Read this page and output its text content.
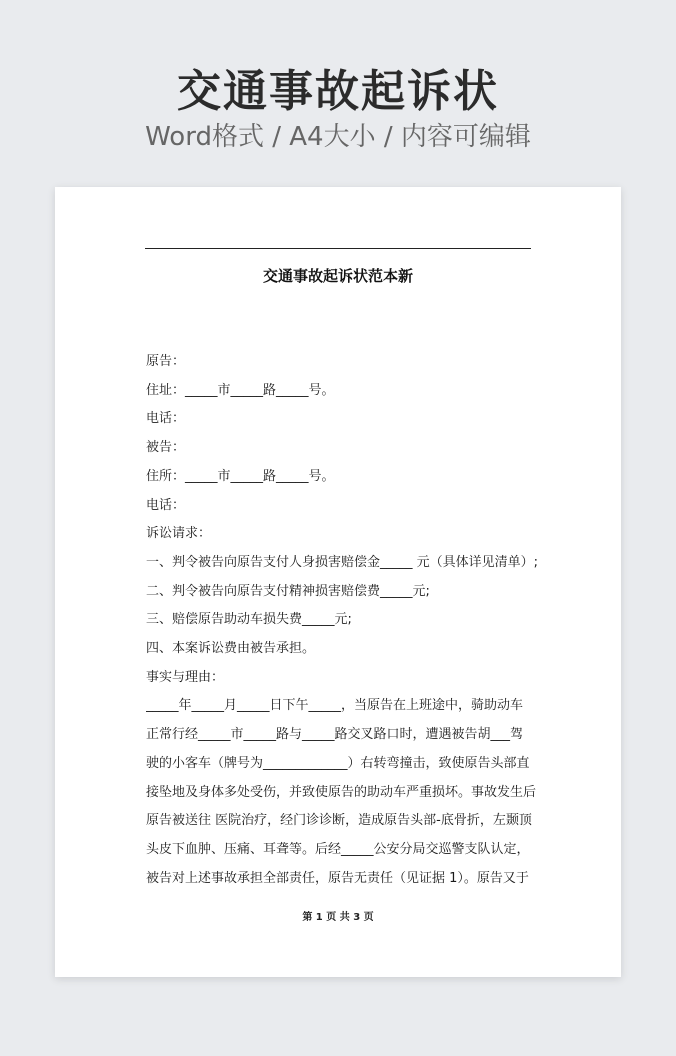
交通事故起诉状
Word格式 / A4大小 / 内容可编辑
交通事故起诉状范本新
原告：
住址：_____市_____路_____号。
电话：
被告：
住所：_____市_____路_____号。
电话：
诉讼请求：
一、判令被告向原告支付人身损害赔偿金_____ 元（具体详见清单）;
二、判令被告向原告支付精神损害赔偿费_____元;
三、赔偿原告助动车损失费_____元;
四、本案诉讼费由被告承担。
事实与理由：
_____年_____月_____日下午_____，当原告在上班途中，骑助动车
正常行经_____市_____路与_____路交叉路口时，遭遇被告胡___驾
驶的小客车（牌号为_____________）右转弯撞击，致使原告头部直
接坠地及身体多处受伤，并致使原告的助动车严重损坏。事故发生后
原告被送往 医院治疗，经门诊诊断，造成原告头部-底骨折，左颞顶
头皮下血肿、压痛、耳聋等。后经_____公安分局交巡警支队认定，
被告对上述事故承担全部责任，原告无责任（见证据 1）。原告又于
第 1 页 共 3 页
